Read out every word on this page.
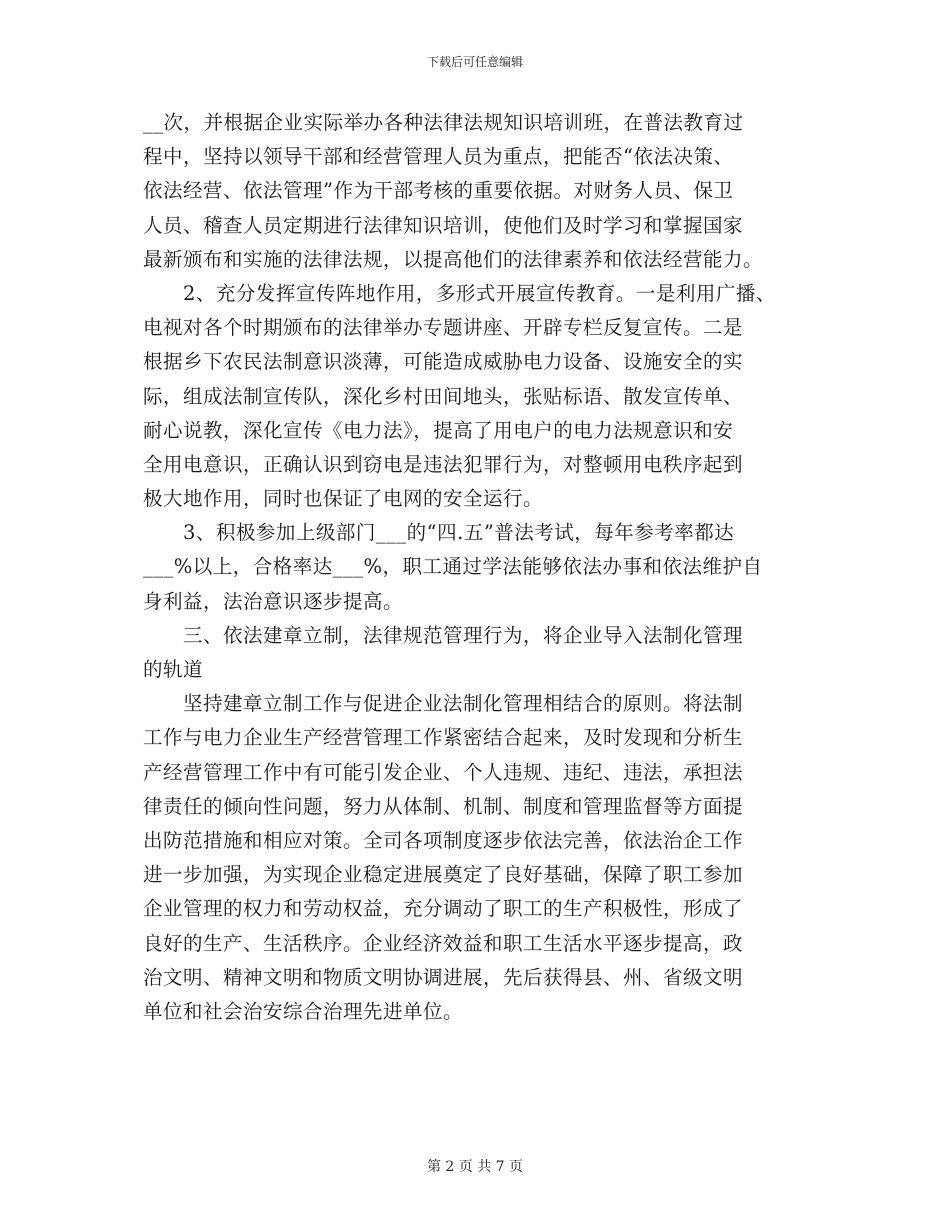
下载后可任意编辑
__次，并根据企业实际举办各种法律法规知识培训班，在普法教育过
程中，坚持以领导干部和经营管理人员为重点，把能否“依法决策、
依法经营、依法管理”作为干部考核的重要依据。对财务人员、保卫
人员、稽查人员定期进行法律知识培训，使他们及时学习和掌握国家
最新颁布和实施的法律法规，以提高他们的法律素养和依法经营能力。
　　2、充分发挥宣传阵地作用，多形式开展宣传教育。一是利用广播、
电视对各个时期颁布的法律举办专题讲座、开辟专栏反复宣传。二是
根据乡下农民法制意识淡薄，可能造成威胁电力设备、设施安全的实
际，组成法制宣传队，深化乡村田间地头，张贴标语、散发宣传单、
耐心说教，深化宣传《电力法》，提高了用电户的电力法规意识和安
全用电意识，正确认识到窃电是违法犯罪行为，对整顿用电秩序起到
极大地作用，同时也保证了电网的安全运行。
　　3、积极参加上级部门___的“四.五”普法考试，每年参考率都达
___%以上，合格率达___%，职工通过学法能够依法办事和依法维护自
身利益，法治意识逐步提高。
　　三、依法建章立制，法律规范管理行为，将企业导入法制化管理
的轨道
　　坚持建章立制工作与促进企业法制化管理相结合的原则。将法制
工作与电力企业生产经营管理工作紧密结合起来，及时发现和分析生
产经营管理工作中有可能引发企业、个人违规、违纪、违法，承担法
律责任的倾向性问题，努力从体制、机制、制度和管理监督等方面提
出防范措施和相应对策。全司各项制度逐步依法完善，依法治企工作
进一步加强，为实现企业稳定进展奠定了良好基础，保障了职工参加
企业管理的权力和劳动权益，充分调动了职工的生产积极性，形成了
良好的生产、生活秩序。企业经济效益和职工生活水平逐步提高，政
治文明、精神文明和物质文明协调进展，先后获得县、州、省级文明
单位和社会治安综合治理先进单位。
第 2 页 共 7 页
